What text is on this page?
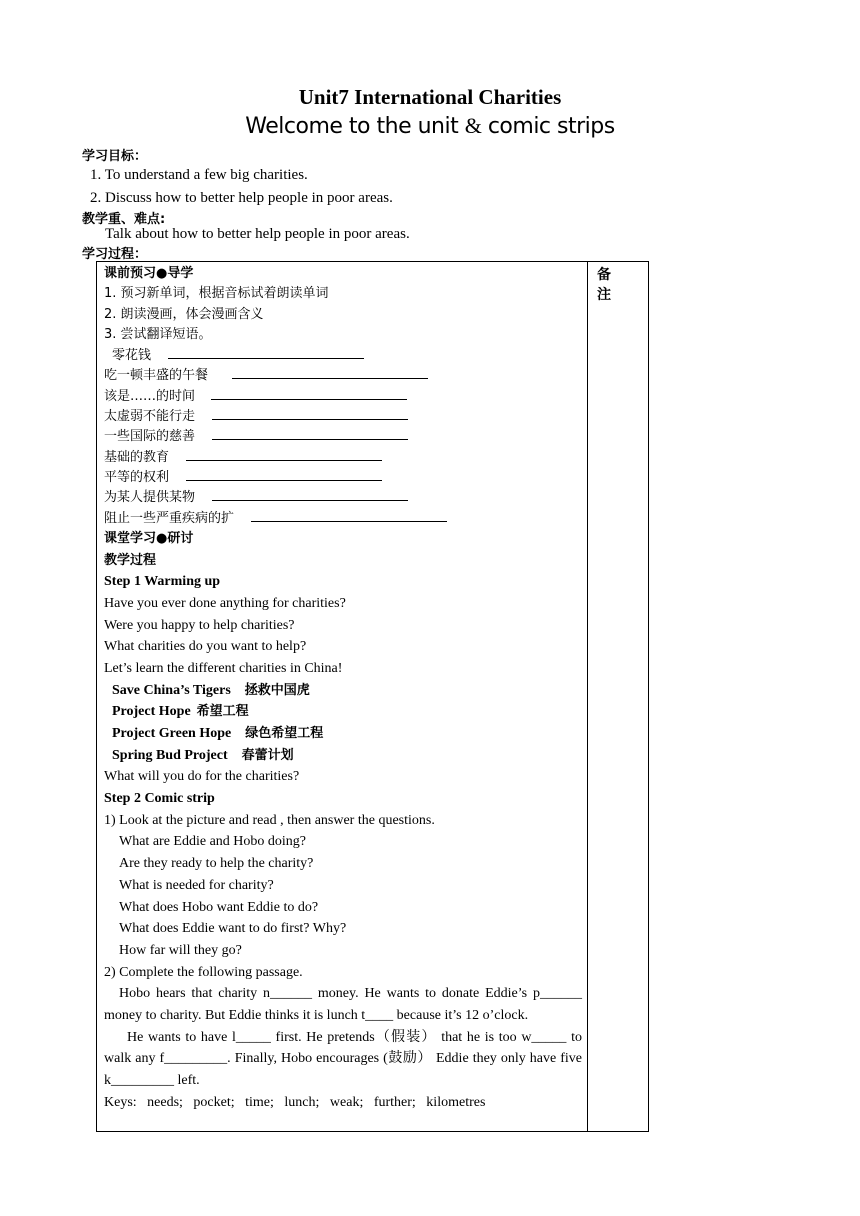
Unit7 International Charities
Welcome to the unit & comic strips
学习目标：
1. To understand a few big charities.
2. Discuss how to better help people in poor areas.
教学重、难点:
Talk about how to better help people in poor areas.
学习过程：
备注
课前预习●导学
1. 预习新单词，根据音标试着朗读单词
2. 朗读漫画，体会漫画含义
3. 尝试翻译短语。
零花钱
吃一顿丰盛的午餐
该是……的时间
太虚弱不能行走
一些国际的慈善
基础的教育
平等的权利
为某人提供某物
阻止一些严重疾病的扩
课堂学习●研讨
教学过程
Step 1 Warming up
Have you ever done anything for charities?
Were you happy to help charities?
What charities do you want to help?
Let’s learn the different charities in China!
Save China’s Tigers 拯救中国虎
Project Hope 希望工程
Project Green Hope 绿色希望工程
Spring Bud Project 春蕾计划
What will you do for the charities?
Step 2 Comic strip
1) Look at the picture and read , then answer the questions.
What are Eddie and Hobo doing?
Are they ready to help the charity?
What is needed for charity?
What does Hobo want Eddie to do?
What does Eddie want to do first? Why?
How far will they go?
2) Complete the following passage.
Hobo hears that charity n______ money. He wants to donate Eddie’s p______ money to charity. But Eddie thinks it is lunch t____ because it’s 12 o’clock.
He wants to have l_____ first. He pretends（假装） that he is too w_____ to walk any f_________. Finally, Hobo encourages (鼓励） Eddie they only have five k_________ left.
Keys:   needs;   pocket;   time;   lunch;   weak;   further;   kilometres
